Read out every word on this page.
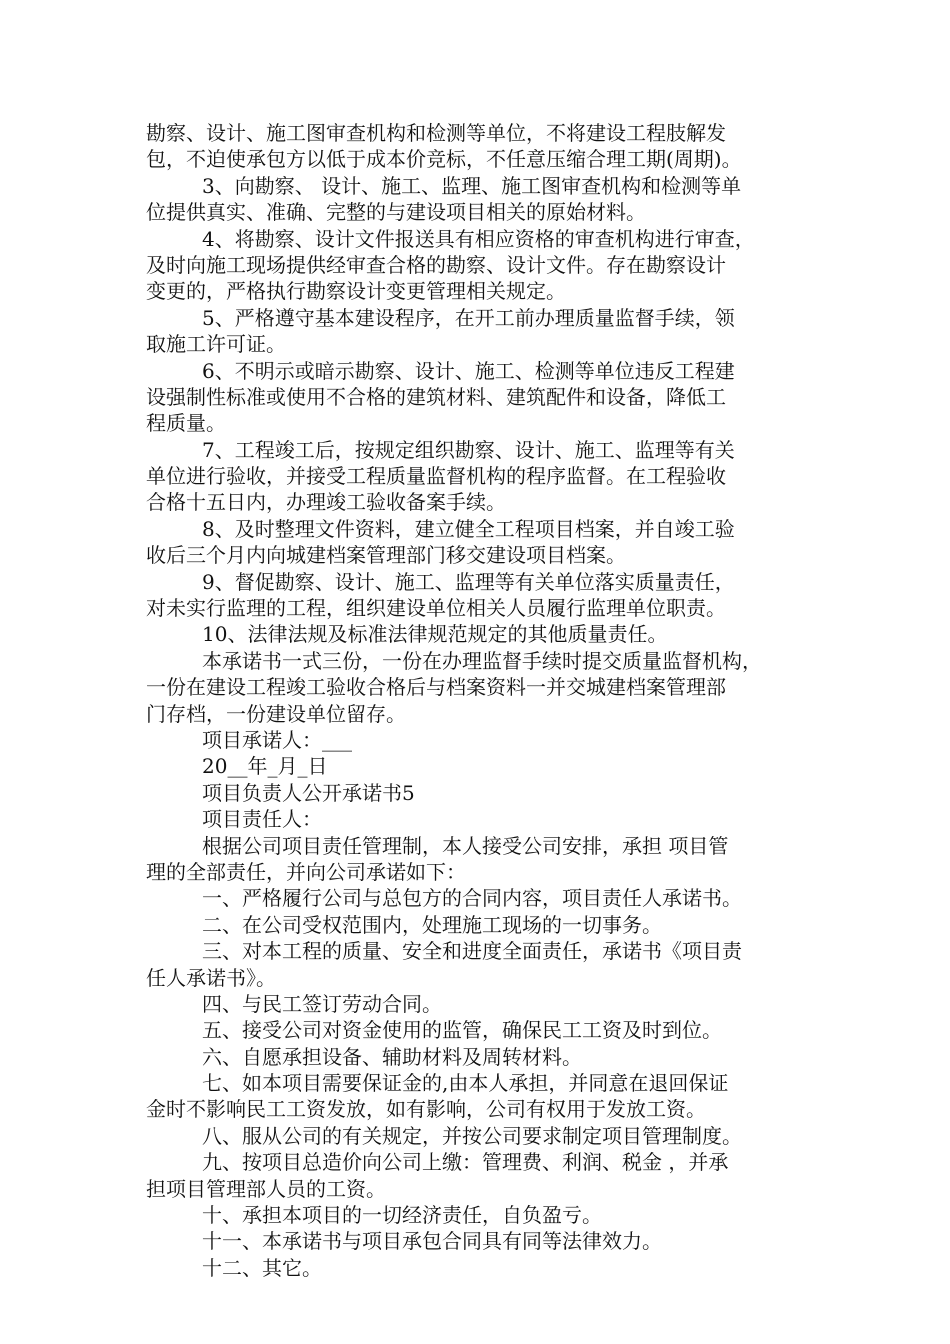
勘察、设计、施工图审查机构和检测等单位，不将建设工程肢解发
包，不迫使承包方以低于成本价竞标，不任意压缩合理工期(周期)。
3、向勘察、 设计、施工、监理、施工图审查机构和检测等单
位提供真实、准确、完整的与建设项目相关的原始材料。
4、将勘察、设计文件报送具有相应资格的审查机构进行审查，
及时向施工现场提供经审查合格的勘察、设计文件。存在勘察设计
变更的，严格执行勘察设计变更管理相关规定。
5、严格遵守基本建设程序，在开工前办理质量监督手续，领
取施工许可证。
6、不明示或暗示勘察、设计、施工、检测等单位违反工程建
设强制性标准或使用不合格的建筑材料、建筑配件和设备，降低工
程质量。
7、工程竣工后，按规定组织勘察、设计、施工、监理等有关
单位进行验收，并接受工程质量监督机构的程序监督。在工程验收
合格十五日内，办理竣工验收备案手续。
8、及时整理文件资料，建立健全工程项目档案，并自竣工验
收后三个月内向城建档案管理部门移交建设项目档案。
9、督促勘察、设计、施工、监理等有关单位落实质量责任，
对未实行监理的工程，组织建设单位相关人员履行监理单位职责。
10、法律法规及标准法律规范规定的其他质量责任。
本承诺书一式三份，一份在办理监督手续时提交质量监督机构，
一份在建设工程竣工验收合格后与档案资料一并交城建档案管理部
门存档，一份建设单位留存。
项目承诺人：___
20__年_月_日
项目负责人公开承诺书5
项目责任人：
根据公司项目责任管理制，本人接受公司安排，承担 项目管
理的全部责任，并向公司承诺如下：
一、严格履行公司与总包方的合同内容，项目责任人承诺书。
二、在公司受权范围内，处理施工现场的一切事务。
三、对本工程的质量、安全和进度全面责任，承诺书《项目责
任人承诺书》。
四、与民工签订劳动合同。
五、接受公司对资金使用的监管，确保民工工资及时到位。
六、自愿承担设备、辅助材料及周转材料。
七、如本项目需要保证金的,由本人承担，并同意在退回保证
金时不影响民工工资发放，如有影响，公司有权用于发放工资。
八、服从公司的有关规定，并按公司要求制定项目管理制度。
九、按项目总造价向公司上缴：管理费、利润、税金 ，并承
担项目管理部人员的工资。
十、承担本项目的一切经济责任，自负盈亏。
十一、本承诺书与项目承包合同具有同等法律效力。
十二、其它。
